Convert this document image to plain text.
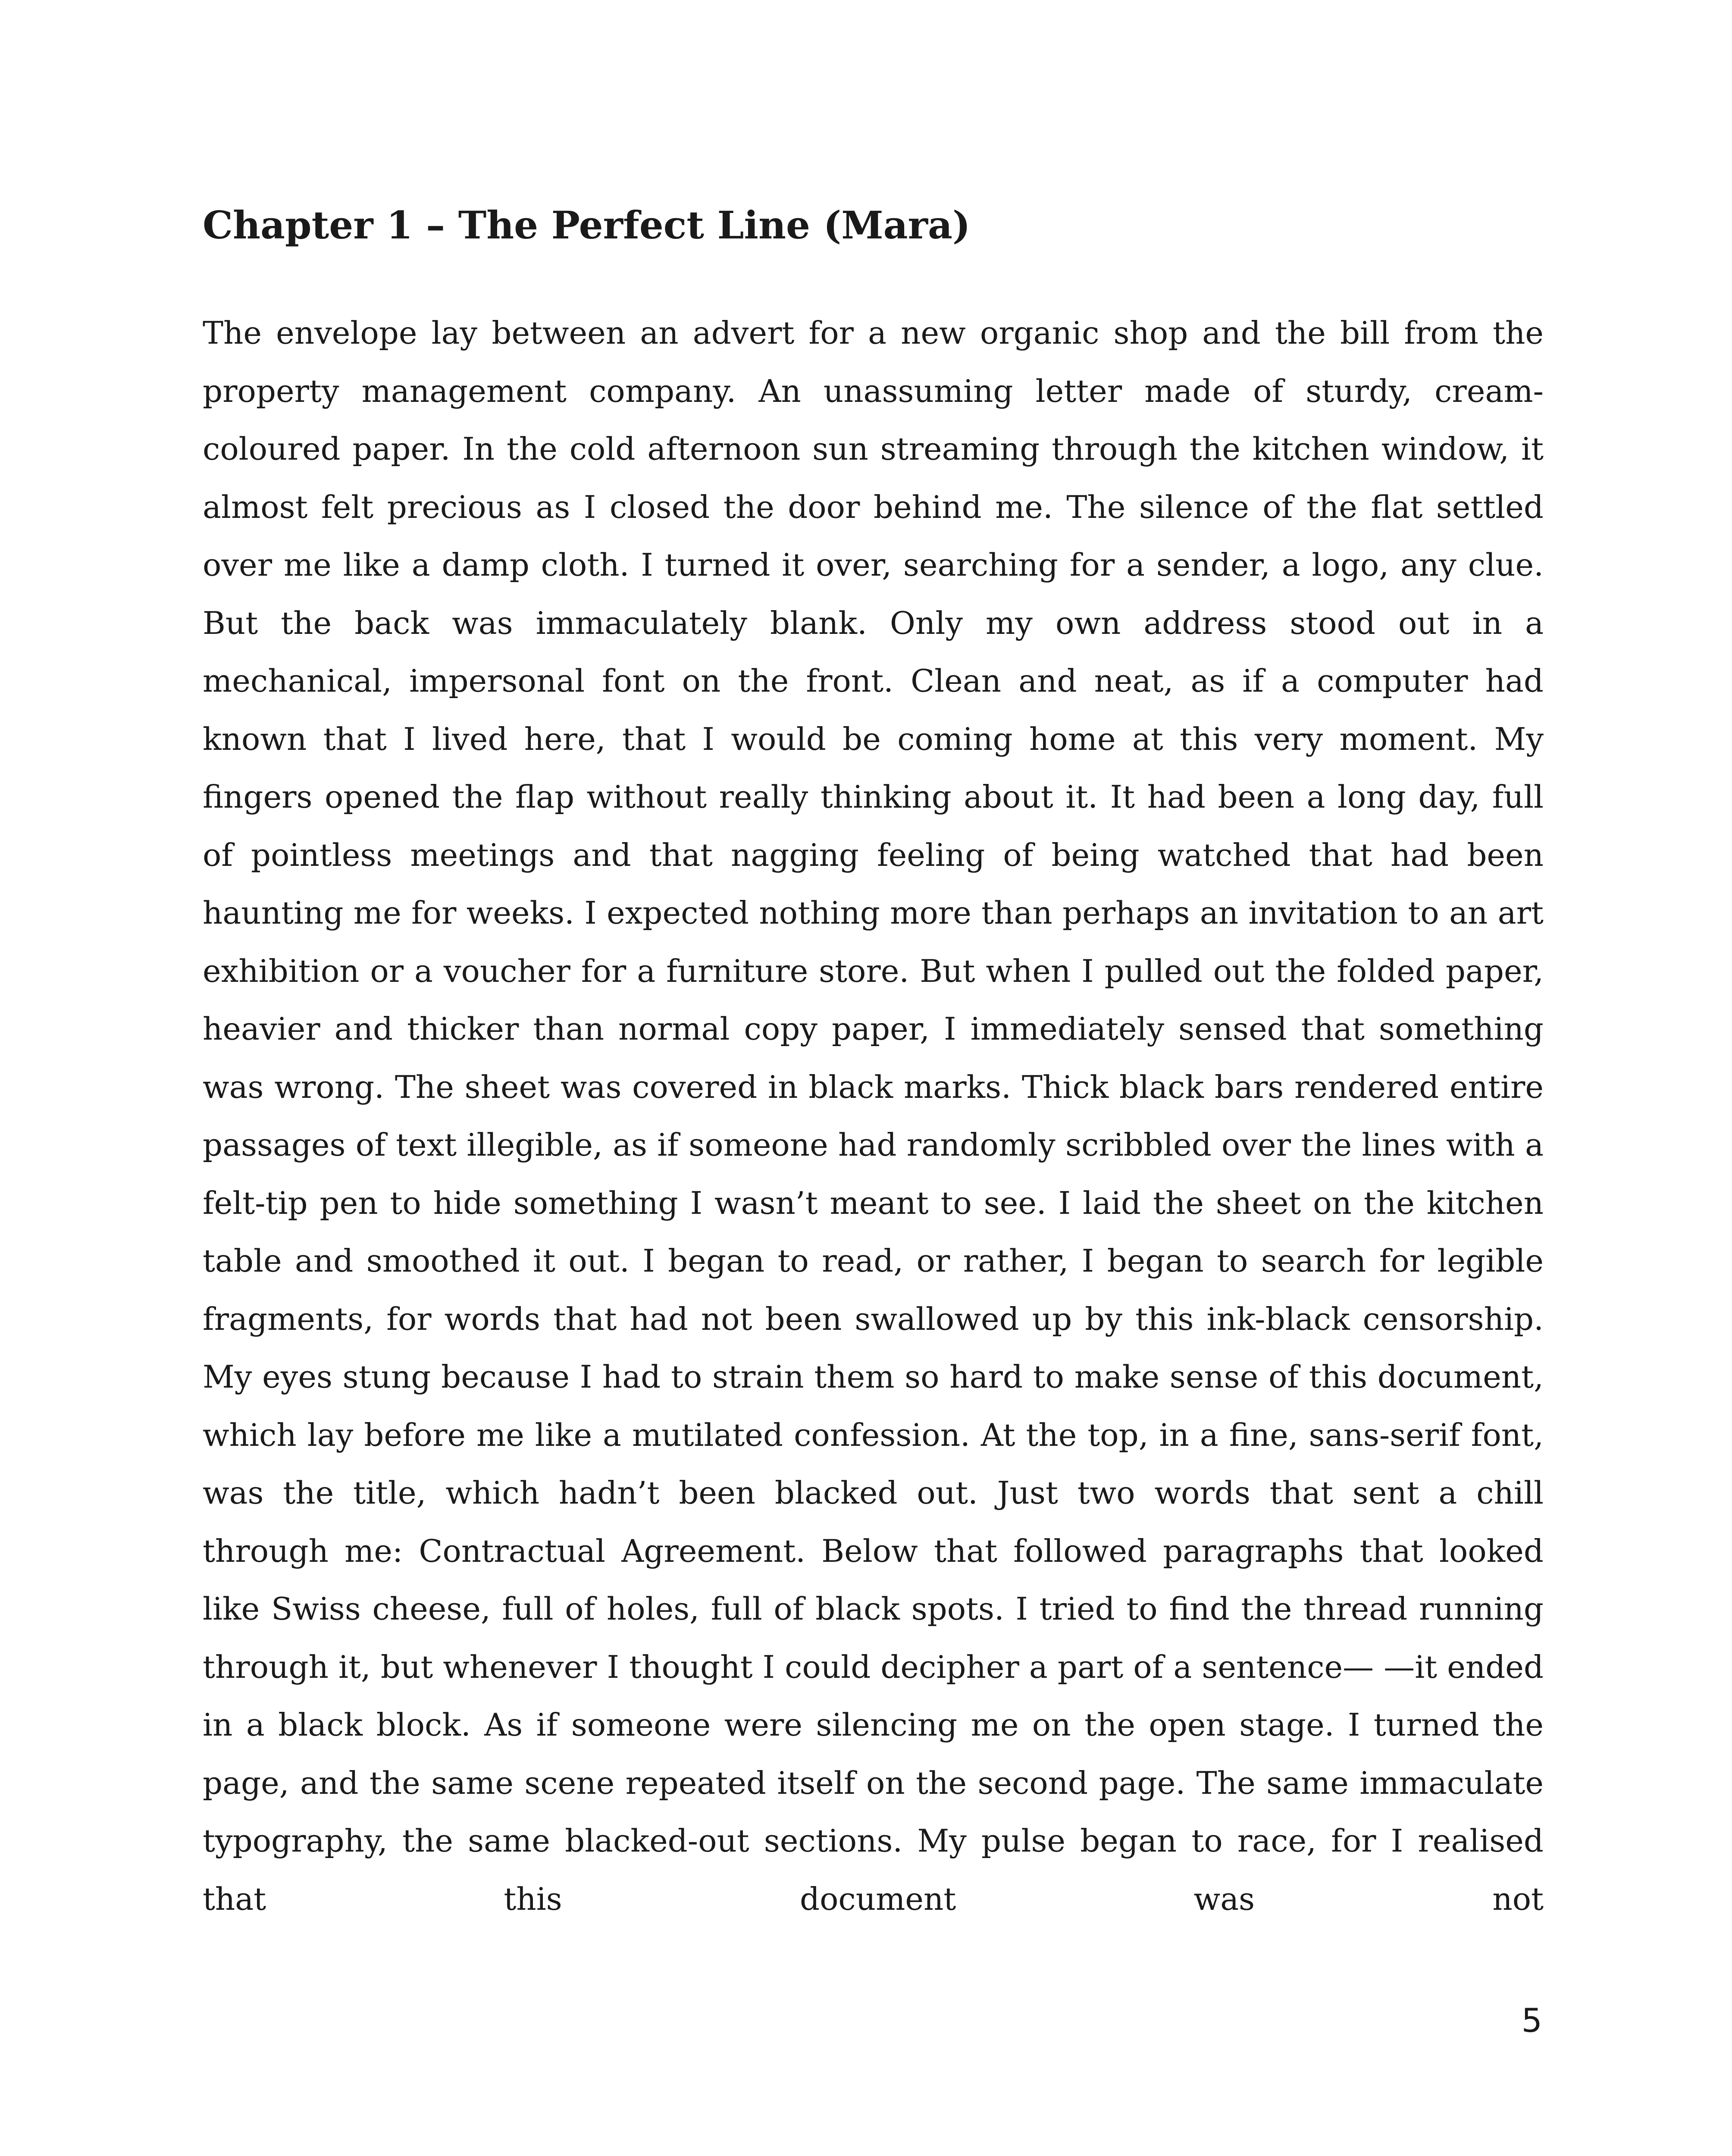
Chapter 1 – The Perfect Line (Mara)

The envelope lay between an advert for a new organic shop and the bill from the property management company. An unassuming letter made of sturdy, cream-coloured paper. In the cold afternoon sun streaming through the kitchen window, it almost felt precious as I closed the door behind me. The silence of the flat settled over me like a damp cloth. I turned it over, searching for a sender, a logo, any clue. But the back was immaculately blank. Only my own address stood out in a mechanical, impersonal font on the front. Clean and neat, as if a computer had known that I lived here, that I would be coming home at this very moment. My fingers opened the flap without really thinking about it. It had been a long day, full of pointless meetings and that nagging feeling of being watched that had been haunting me for weeks. I expected nothing more than perhaps an invitation to an art exhibition or a voucher for a furniture store. But when I pulled out the folded paper, heavier and thicker than normal copy paper, I immediately sensed that something was wrong. The sheet was covered in black marks. Thick black bars rendered entire passages of text illegible, as if someone had randomly scribbled over the lines with a felt-tip pen to hide something I wasn’t meant to see. I laid the sheet on the kitchen table and smoothed it out. I began to read, or rather, I began to search for legible fragments, for words that had not been swallowed up by this ink-black censorship. My eyes stung because I had to strain them so hard to make sense of this document, which lay before me like a mutilated confession. At the top, in a fine, sans-serif font, was the title, which hadn’t been blacked out. Just two words that sent a chill through me: Contractual Agreement. Below that followed paragraphs that looked like Swiss cheese, full of holes, full of black spots. I tried to find the thread running through it, but whenever I thought I could decipher a part of a sentence— —it ended in a black block. As if someone were silencing me on the open stage. I turned the page, and the same scene repeated itself on the second page. The same immaculate typography, the same blacked-out sections. My pulse began to race, for I realised that this document was not

5
